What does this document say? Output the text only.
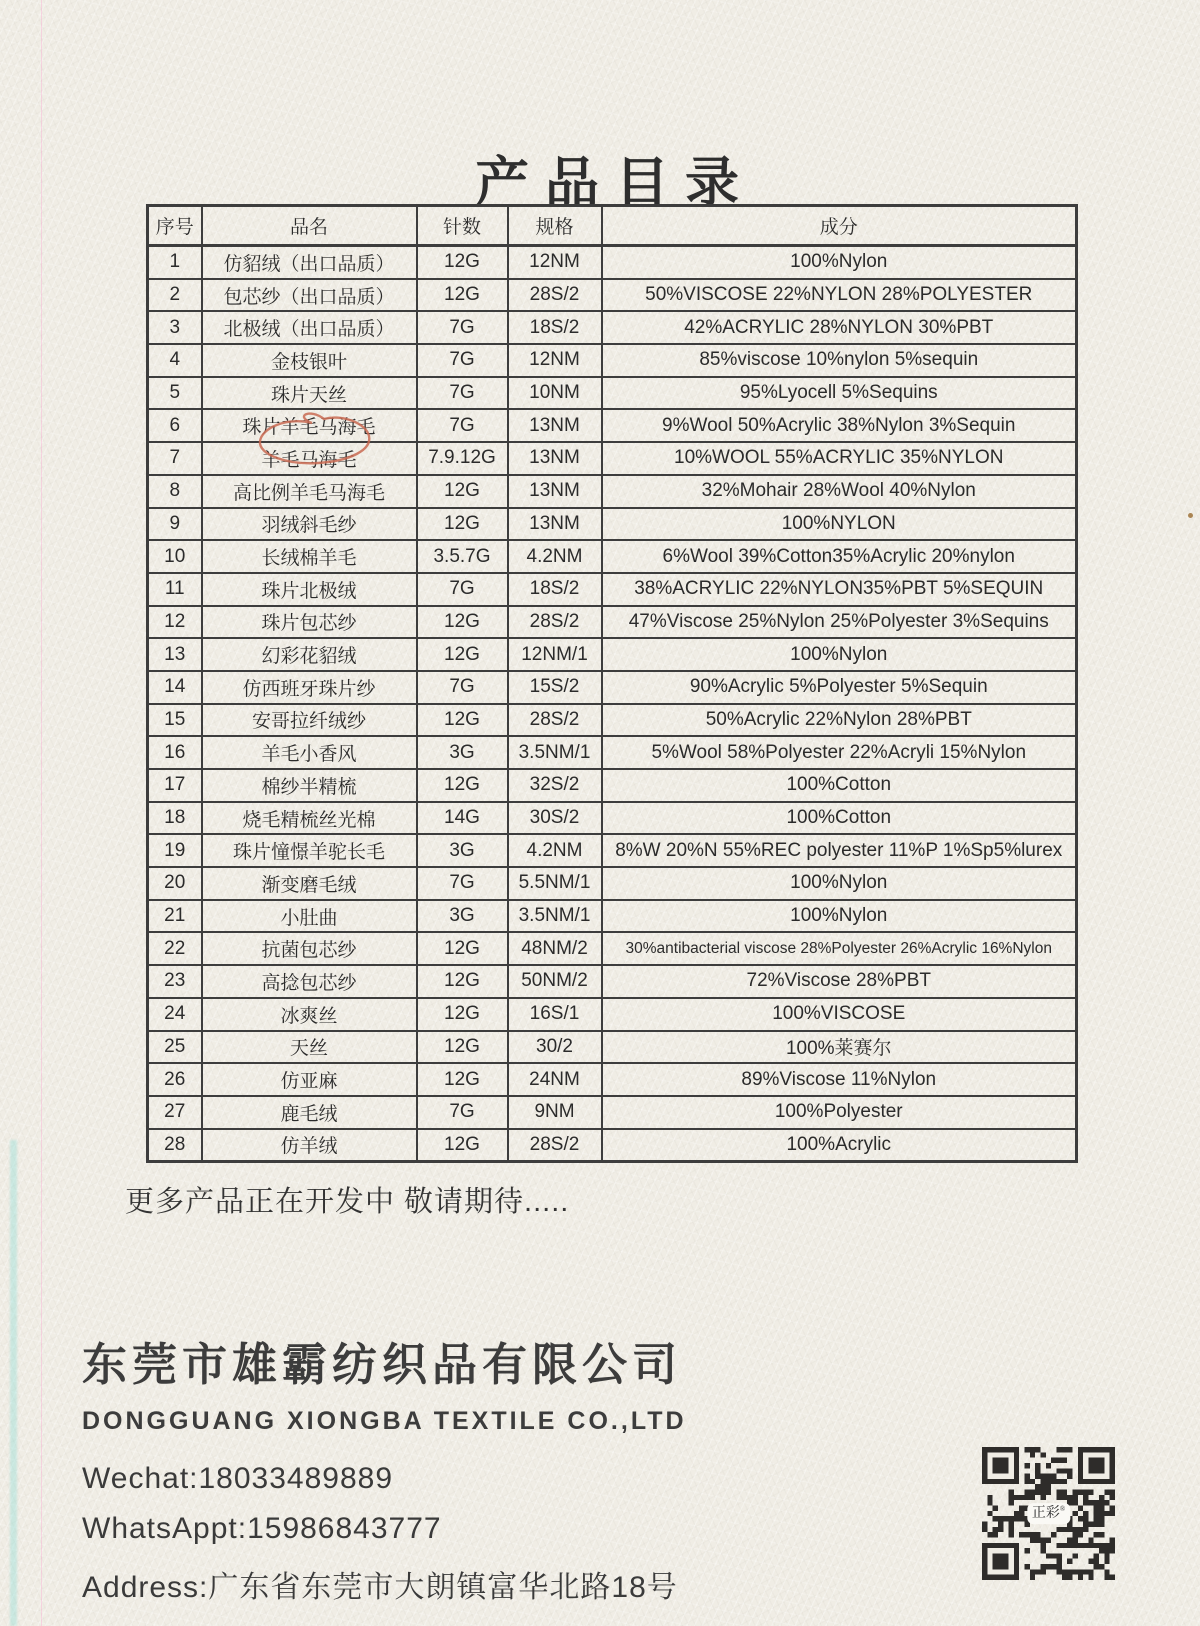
产品目录
序号	品名	针数	规格	成分
1	仿貂绒（出口品质）	12G	12NM	100%Nylon
2	包芯纱（出口品质）	12G	28S/2	50%VISCOSE 22%NYLON 28%POLYESTER
3	北极绒（出口品质）	7G	18S/2	42%ACRYLIC 28%NYLON 30%PBT
4	金枝银叶	7G	12NM	85%viscose 10%nylon 5%sequin
5	珠片天丝	7G	10NM	95%Lyocell 5%Sequins
6	珠片羊毛马海毛	7G	13NM	9%Wool 50%Acrylic 38%Nylon 3%Sequin
7	羊毛马海毛	7.9.12G	13NM	10%WOOL 55%ACRYLIC 35%NYLON
8	高比例羊毛马海毛	12G	13NM	32%Mohair 28%Wool 40%Nylon
9	羽绒斜毛纱	12G	13NM	100%NYLON
10	长绒棉羊毛	3.5.7G	4.2NM	6%Wool 39%Cotton35%Acrylic 20%nylon
11	珠片北极绒	7G	18S/2	38%ACRYLIC 22%NYLON35%PBT 5%SEQUIN
12	珠片包芯纱	12G	28S/2	47%Viscose 25%Nylon 25%Polyester 3%Sequins
13	幻彩花貂绒	12G	12NM/1	100%Nylon
14	仿西班牙珠片纱	7G	15S/2	90%Acrylic 5%Polyester 5%Sequin
15	安哥拉纤绒纱	12G	28S/2	50%Acrylic 22%Nylon 28%PBT
16	羊毛小香风	3G	3.5NM/1	5%Wool 58%Polyester 22%Acryli 15%Nylon
17	棉纱半精梳	12G	32S/2	100%Cotton
18	烧毛精梳丝光棉	14G	30S/2	100%Cotton
19	珠片憧憬羊驼长毛	3G	4.2NM	8%W 20%N 55%REC polyester 11%P 1%Sp5%lurex
20	渐变磨毛绒	7G	5.5NM/1	100%Nylon
21	小肚曲	3G	3.5NM/1	100%Nylon
22	抗菌包芯纱	12G	48NM/2	30%antibacterial viscose 28%Polyester 26%Acrylic 16%Nylon
23	高捻包芯纱	12G	50NM/2	72%Viscose 28%PBT
24	冰爽丝	12G	16S/1	100%VISCOSE
25	天丝	12G	30/2	100%莱赛尔
26	仿亚麻	12G	24NM	89%Viscose 11%Nylon
27	鹿毛绒	7G	9NM	100%Polyester
28	仿羊绒	12G	28S/2	100%Acrylic

更多产品正在开发中 敬请期待.....

东莞市雄霸纺织品有限公司
DONGGUANG XIONGBA TEXTILE CO.,LTD
Wechat:18033489889
WhatsAppt:15986843777
Address:广东省东莞市大朗镇富华北路18号
正彩®
